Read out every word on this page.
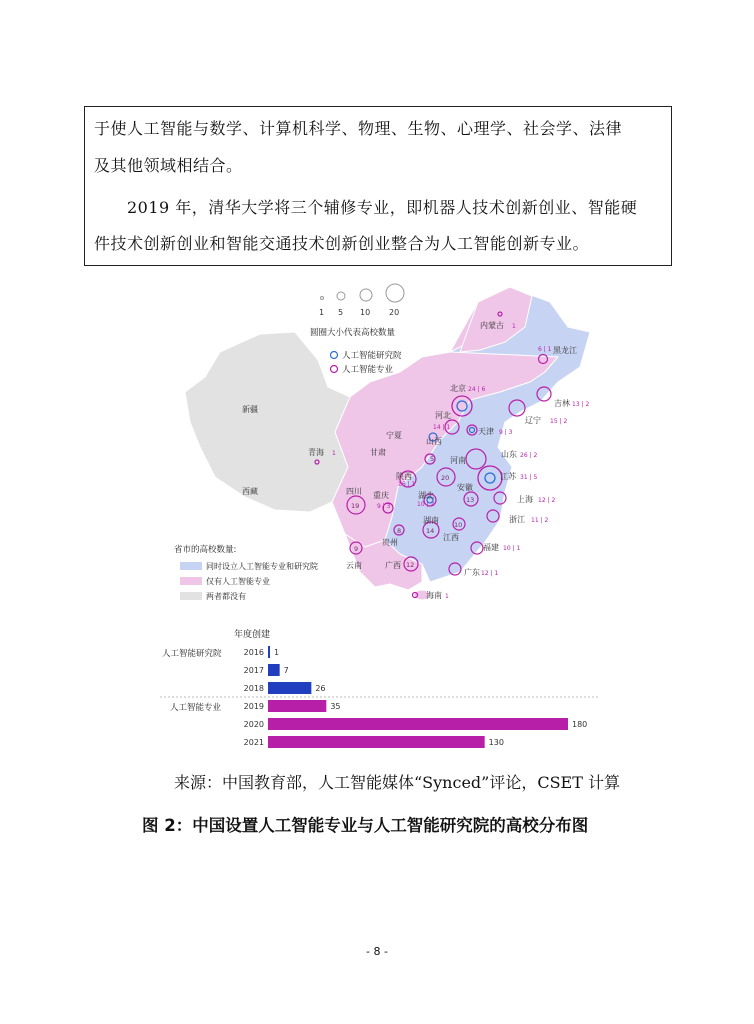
于使人工智能与数学、计算机科学、物理、生物、心理学、社会学、法律
及其他领域相结合。
2019 年，清华大学将三个辅修专业，即机器人技术创新创业、智能硬
件技术创新创业和智能交通技术创新创业整合为人工智能创新专业。
1 5 10 20
圆圈大小代表高校数量
人工智能研究院
人工智能专业
5
20
13
19
14
10
8
9
12
新疆
西藏
内蒙古 1
黑龙江
6 | 1
吉林 13 | 2
辽宁 15 | 2
北京 24 | 6
河北
14 | 1	天津 9 | 3
山西
宁夏
甘肃
青海 1	山东 26 | 2
河南
陕西
16 | 1
江苏 31 | 5
安徽
上海 12 | 2
湖北
10 | 2
四川 重庆
9 | 3
浙江 11 | 2
湖南
江西
贵州
福建 10 | 1
云南	广西
广东 12 | 1
海南 1
省市的高校数量:
同时设立人工智能专业和研究院
仅有人工智能专业
两者都没有
年度创建
人工智能研究院
人工智能专业
2016 1
2017 7
2018	26
2019	35
2020	180
2021	130
来源：中国教育部，人工智能媒体“Synced”评论，CSET 计算
图 2：中国设置人工智能专业与人工智能研究院的高校分布图
- 8 -
